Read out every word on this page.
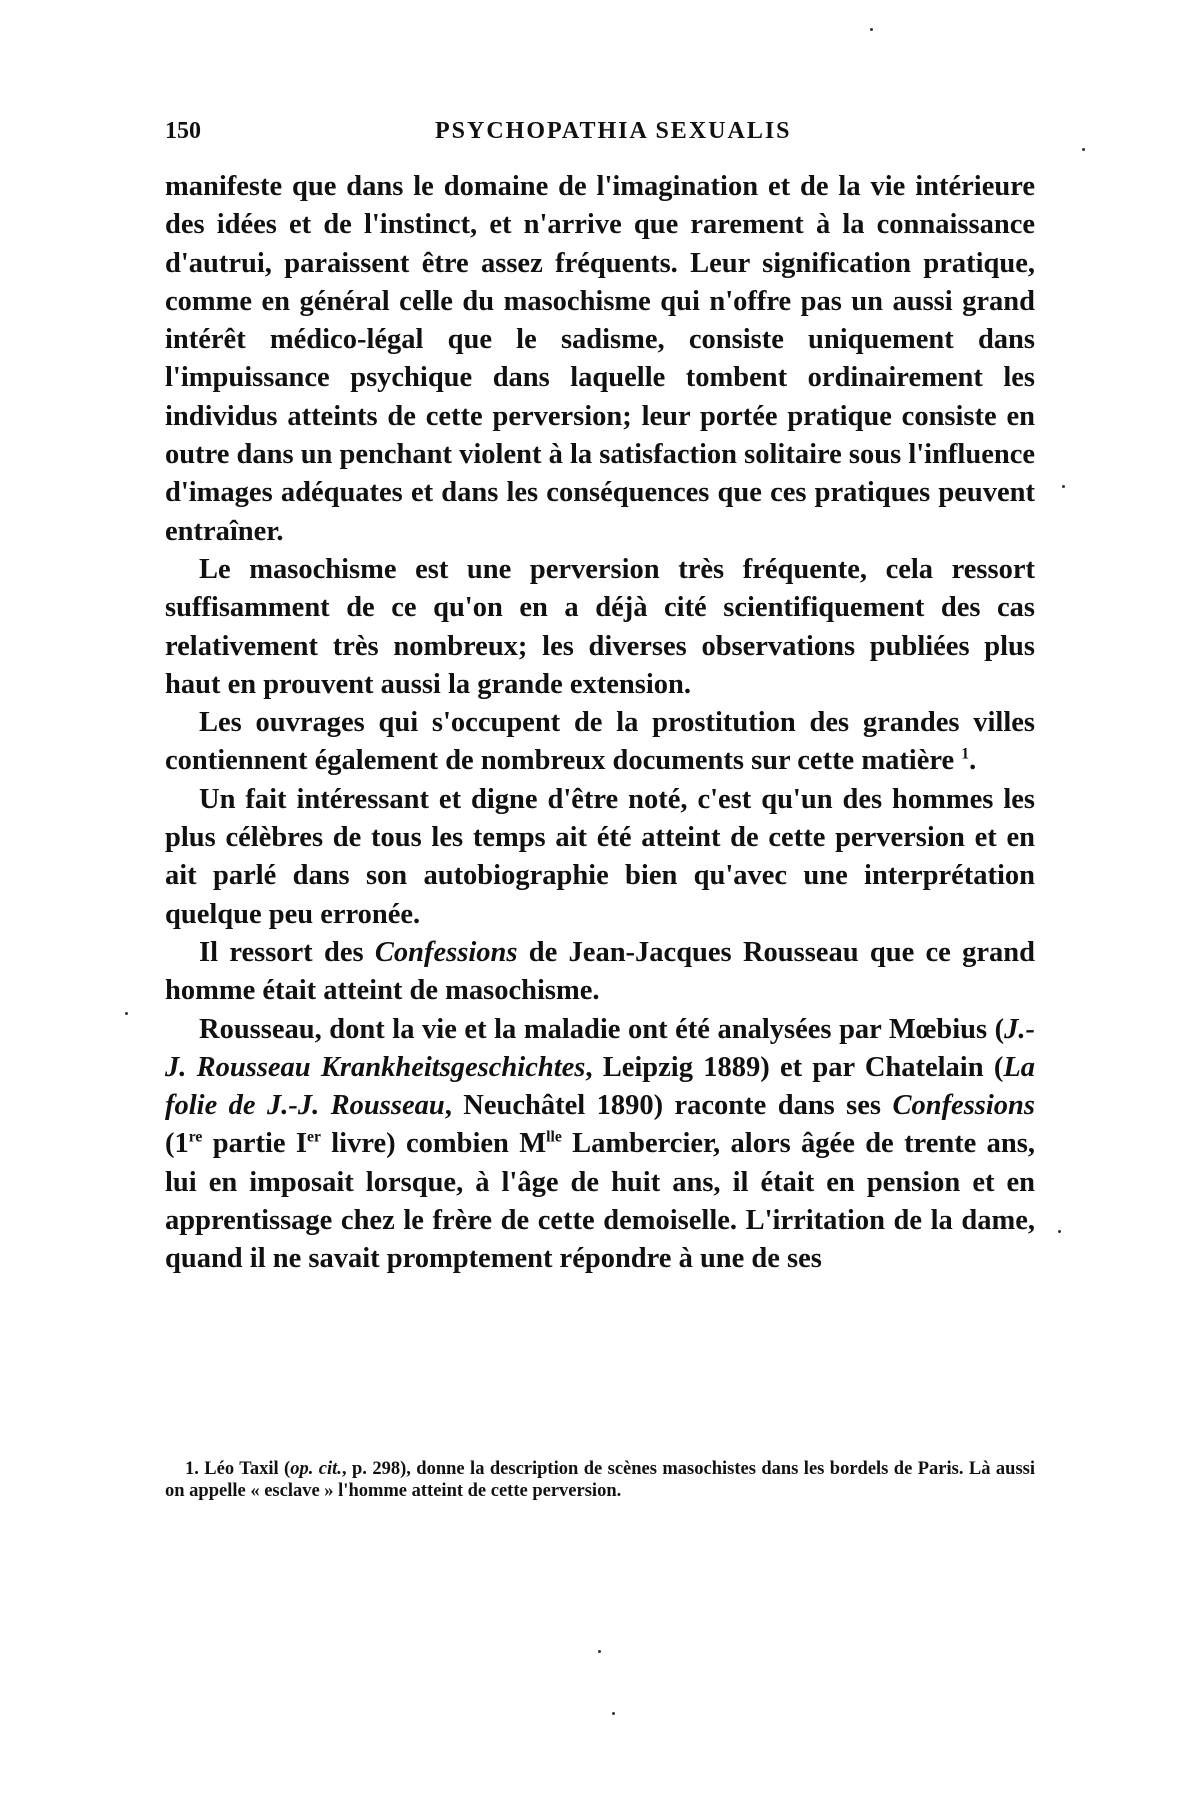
150	PSYCHOPATHIA SEXUALIS

manifeste que dans le domaine de l'imagination et de la vie intérieure des idées et de l'instinct, et n'arrive que rarement à la connaissance d'autrui, paraissent être assez fréquents. Leur signification pratique, comme en général celle du masochisme qui n'offre pas un aussi grand intérêt médico-légal que le sadisme, consiste uniquement dans l'impuissance psychique dans laquelle tombent ordinairement les individus atteints de cette perversion; leur portée pratique consiste en outre dans un penchant violent à la satisfaction solitaire sous l'influence d'images adéquates et dans les conséquences que ces pratiques peuvent entraîner.

Le masochisme est une perversion très fréquente, cela ressort suffisamment de ce qu'on en a déjà cité scientifiquement des cas relativement très nombreux; les diverses observations publiées plus haut en prouvent aussi la grande extension.

Les ouvrages qui s'occupent de la prostitution des grandes villes contiennent également de nombreux documents sur cette matière $^1$.

Un fait intéressant et digne d'être noté, c'est qu'un des hommes les plus célèbres de tous les temps ait été atteint de cette perversion et en ait parlé dans son autobiographie bien qu'avec une interprétation quelque peu erronée.

Il ressort des Confessions de Jean-Jacques Rousseau que ce grand homme était atteint de masochisme.

Rousseau, dont la vie et la maladie ont été analysées par Mœbius (J.-J. Rousseau Krankheitsgeschichtes, Leipzig 1889) et par Chatelain (La folie de J.-J. Rousseau, Neuchâtel 1890) raconte dans ses Confessions (1re partie Ier livre) combien $M^{lle}$ Lambercier, alors âgée de trente ans, lui en imposait lorsque, à l'âge de huit ans, il était en pension et en apprentissage chez le frère de cette demoiselle. L'irritation de la dame, quand il ne savait promptement répondre à une de ses

1. Léo Taxil (op. cit., p. 298), donne la description de scènes masochistes dans les bordels de Paris. Là aussi on appelle « esclave » l'homme atteint de cette perversion.
